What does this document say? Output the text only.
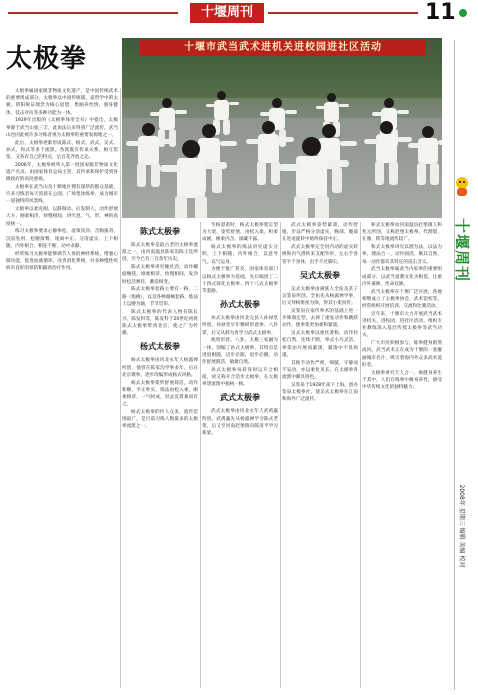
十堰周刊	11
太极拳	十堰市武当武术进机关进校园进社区活动
太极拳属国家级非物质文化遗产，是中国传统武术的重要组成部分。太极拳以中国传统儒、道哲学中的太极、阴阳辩证理念为核心思想，集颐养性情、强身健体、技击对抗等多种功能为一体。
1929年出版的《太极拳体用全书》中提出，太极拳源于武当山张三丰，此说法后来得到广泛流传，武当山也因此被许多习练者视为太极拳的重要发源地之一。
此后，太极拳逐渐形成陈式、杨式、武式、吴式、孙式、和式等多个流派。各派既有传承关系，相互借鉴，又各有自己的特点，呈百花齐放之态。
2006年，太极拳被列入第一批国家级非物质文化遗产名录，由国家体育总局主管，其传承和保护受到各级政府的高度重视。
太极拳在武当山及十堰地区拥有深厚的群众基础，许多习练者每天清晨在公园、广场集体练拳，成为城市一道独特的风景线。
太极拳以柔克刚、以静制动、后发制人，动作舒展大方，刚柔相济，快慢相间，讲究意、气、形、神的高度统一。
练习太极拳要求心静体松、虚领顶劲、含胸拔背、沉肩坠肘、松腰敛臀、尾闾中正、分清虚实、上下相随、内外相合、相连不断、动中求静。
经常练习太极拳能够调节人体的神经系统，增强心肺功能，促进血液循环，改善消化系统，对多种慢性疾病有良好的预防和辅助治疗作用。
陈式太极拳
陈式太极拳是最古老的太极拳流派之一，由河南温县陈家沟陈王廷所创，至今已有三百余年历史。
陈式太极拳讲究缠丝劲，动作螺旋缠绕，刚柔相济，快慢相间，发劲时松活弹抖，蓄发相变。
陈式太极拳套路主要有一路、二路（炮捶），以及各种器械套路，练法上以腰为轴，节节贯串。
陈式太极拳的代表人物有陈长兴、陈发科等，陈发科于20世纪初将陈式太极拳带到北京，使之广为传播。
杨式太极拳
杨式太极拳由河北永年人杨露禅所创，他曾在陈家沟学拳多年，后在北京教拳，逐步改编形成杨式风格。
杨式太极拳架势舒展简洁，动作和顺，平正朴实，练法由松入柔，刚柔相济，一气呵成，轻灵沉着兼而有之。
杨式太极拳的传人众多，流传范围最广，是目前习练人数最多的太极拳流派之一。
至杨澄甫时，杨式太极拳架定型为大架，姿势舒展，由松入柔，积柔成刚，刚柔内含，深藏不露。
杨式太极拳的练法讲究虚实分明，上下相随，内外相合，以意导气，以气运身。
为便于推广普及，国家体育部门以杨式太极拳为基础，先后编创了二十四式简化太极拳、四十八式太极拳等套路。
孙式太极拳
孙式太极拳由河北完县人孙禄堂所创。孙禄堂早年精研形意拳、八卦掌，后又从郝为真学习武式太极拳。
他将形意、八卦、太极三家融为一体，创编了孙式太极拳，其特点是进退相随，迈步必跟，退步必撤，动作舒展圆活，敏捷自然。
孙式太极拳每转身时以开合相接，故又称开合活步太极拳，在太极拳诸流派中独树一帜。
武式太极拳
武式太极拳由河北永年人武禹襄所创。武禹襄先从杨露禅学习陈式老架，后又至河南赵堡镇向陈清平学习新架。
武式太极拳姿势紧凑，动作舒缓，步法严格分清虚实，胸部、腹部在进退旋转中始终保持中正。
武式太极拳完全用内动的虚实转换和内气潜转来支配外形，左右手各管半个身体，出手不过脚尖。
吴式太极拳
吴式太极拳由满族人全佑及其子吴鉴泉所创。全佑先从杨露禅学拳，后又拜杨班侯为师，得其小架真传。
吴鉴泉在家传拳术的基础上进一步修润定型，去掉了重复动作和跳跃动作，使拳架更加柔和紧凑。
吴式太极拳以柔化著称，动作轻松自然，连续不断，拳式小巧灵活，拳架由开展而紧凑，紧凑中不显拘谨。
其推手动作严密、细腻，守静而不妄动，亦以柔化见长，在太极拳各流派中颇具特色。
吴鉴泉于1928年南下上海，创办鉴泉太极拳社，使吴式太极拳在江南和海外广泛流传。
和式太极拳由河南温县赵堡镇人和兆元所创，又称赵堡太极拳、代理架，在豫、陕等地流传较广。
和式太极拳讲究以理为法，以法为拳，理法合一，动作圆活，顺其自然，每一动作都有其特定的技击含义。
武当太极拳属武当内家拳的重要组成部分，以武当道教文化为根基，注重内外兼修、性命双修。
武当太极拳在十堰广泛开展，各地相继成立了太极拳协会、武术馆校等，经常组织开展培训、交流和比赛活动。
近年来，十堰市大力开展武当武术进机关、进校园、进社区活动，组织专业教练深入基层传授太极拳等武当功夫。
广大市民积极参与，练拳健身蔚然成风，武当武术正在成为十堰的一张靓丽城市名片，吸引着海内外众多武术爱好者。
太极拳讲究天人合一，寓健身养生于其中，人们在练拳中修身养性，感受中华传统文化的独特魅力。
十堰周刊
2008年 星期三 编辑 美编 校对
